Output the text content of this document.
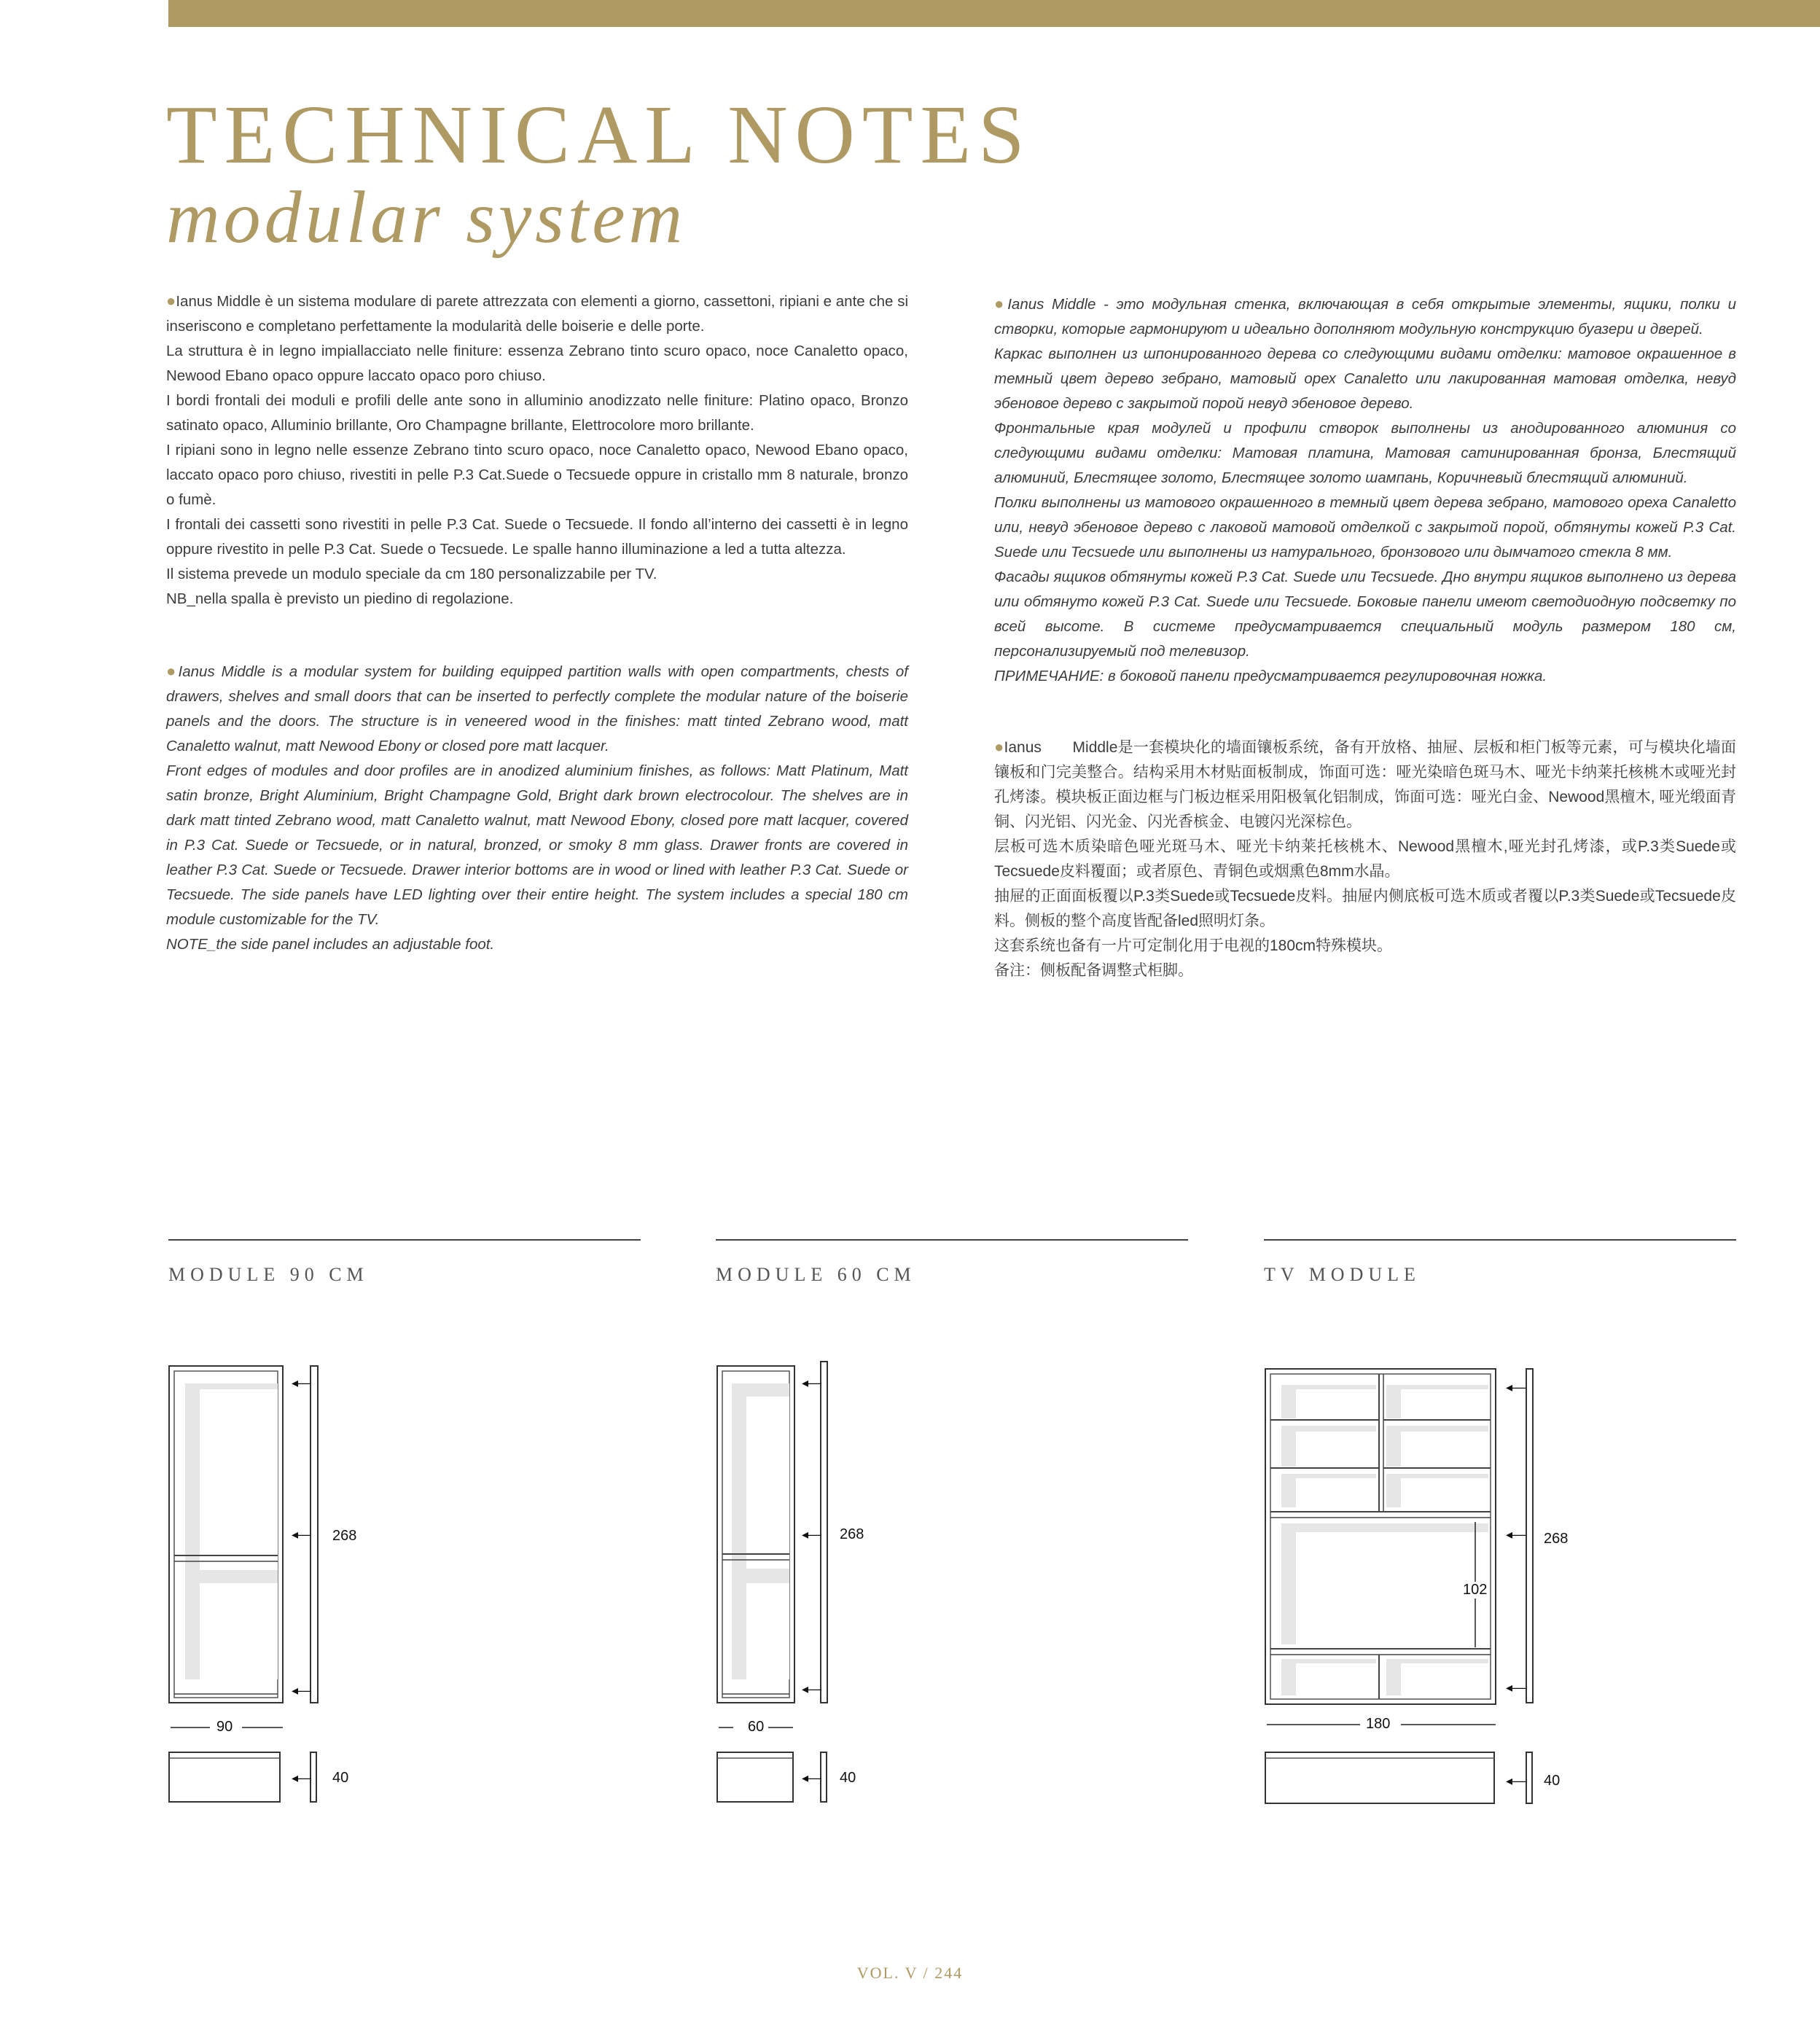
TECHNICAL NOTES
modular system

●Ianus Middle è un sistema modulare di parete attrezzata con elementi a giorno, cassettoni, ripiani e ante che si inseriscono e completano perfettamente la modularità delle boiserie e delle porte.

La struttura è in legno impiallacciato nelle finiture: essenza Zebrano tinto scuro opaco, noce Canaletto opaco, Newood Ebano opaco oppure laccato opaco poro chiuso.

I bordi frontali dei moduli e profili delle ante sono in alluminio anodizzato nelle finiture: Platino opaco, Bronzo satinato opaco, Alluminio brillante, Oro Champagne brillante, Elettrocolore moro brillante.

I ripiani sono in legno nelle essenze Zebrano tinto scuro opaco, noce Canaletto opaco, Newood Ebano opaco, laccato opaco poro chiuso, rivestiti in pelle P.3 Cat.Suede o Tecsuede oppure in cristallo mm 8 naturale, bronzo o fumè.

I frontali dei cassetti sono rivestiti in pelle P.3 Cat. Suede o Tecsuede. Il fondo all’interno dei cassetti è in legno oppure rivestito in pelle P.3 Cat. Suede o Tecsuede. Le spalle hanno illuminazione a led a tutta altezza.

Il sistema prevede un modulo speciale da cm 180 personalizzabile per TV.

NB_nella spalla è previsto un piedino di regolazione.

●Ianus Middle is a modular system for building equipped partition walls with open compartments, chests of drawers, shelves and small doors that can be inserted to perfectly complete the modular nature of the boiserie panels and the doors. The structure is in veneered wood in the finishes: matt tinted Zebrano wood, matt Canaletto walnut, matt Newood Ebony or closed pore matt lacquer.

Front edges of modules and door profiles are in anodized aluminium finishes, as follows: Matt Platinum, Matt satin bronze, Bright Aluminium, Bright Champagne Gold, Bright dark brown electrocolour. The shelves are in dark matt tinted Zebrano wood, matt Canaletto walnut, matt Newood Ebony, closed pore matt lacquer, covered in P.3 Cat. Suede or Tecsuede, or in natural, bronzed, or smoky 8 mm glass. Drawer fronts are covered in leather P.3 Cat. Suede or Tecsuede. Drawer interior bottoms are in wood or lined with leather P.3 Cat. Suede or Tecsuede. The side panels have LED lighting over their entire height. The system includes a special 180 cm module customizable for the TV.

NOTE_the side panel includes an adjustable foot.

●Ianus Middle - это модульная стенка, включающая в себя открытые элементы, ящики, полки и створки, которые гармонируют и идеально дополняют модульную конструкцию буазери и дверей.

Каркас выполнен из шпонированного дерева со следующими видами отделки: матовое окрашенное в темный цвет дерево зебрано, матовый орех Canaletto или лакированная матовая отделка, невуд эбеновое дерево с закрытой порой невуд эбеновое дерево.

Фронтальные края модулей и профили створок выполнены из анодированного алюминия со следующими видами отделки: Матовая платина, Матовая сатинированная бронза, Блестящий алюминий, Блестящее золото, Блестящее золото шампань, Коричневый блестящий алюминий.

Полки выполнены из матового окрашенного в темный цвет дерева зебрано, матового ореха Canaletto или, невуд эбеновое дерево с лаковой матовой отделкой с закрытой порой, обтянуты кожей P.3 Cat. Suede или Tecsuede или выполнены из натурального, бронзового или дымчатого стекла 8 мм.

Фасады ящиков обтянуты кожей P.3 Cat. Suede или Tecsuede. Дно внутри ящиков выполнено из дерева или обтянуто кожей P.3 Cat. Suede или Tecsuede. Боковые панели имеют светодиодную подсветку по всей высоте. В системе предусматривается специальный модуль размером 180 см, персонализируемый под телевизор.

ПРИМЕЧАНИЕ: в боковой панели предусматривается регулировочная ножка.

●Ianus　　Middle是一套模块化的墙面镶板系统，备有开放格、抽屉、层板和柜门板等元素，可与模块化墙面镶板和门完美整合。结构采用木材贴面板制成，饰面可选：哑光染暗色斑马木、哑光卡纳莱托核桃木或哑光封孔烤漆。模块板正面边框与门板边框采用阳极氧化铝制成，饰面可选：哑光白金、Newood黑檀木, 哑光缎面青铜、闪光铝、闪光金、闪光香槟金、电镀闪光深棕色。

层板可选木质染暗色哑光斑马木、哑光卡纳莱托核桃木、Newood黑檀木,哑光封孔烤漆，或P.3类Suede或Tecsuede皮料覆面；或者原色、青铜色或烟熏色8mm水晶。

抽屉的正面面板覆以P.3类Suede或Tecsuede皮料。抽屉内侧底板可选木质或者覆以P.3类Suede或Tecsuede皮料。侧板的整个高度皆配备led照明灯条。

这套系统也备有一片可定制化用于电视的180cm特殊模块。

备注：侧板配备调整式柜脚。

MODULE 90 CM	MODULE 60 CM	TV MODULE
◂—
◂—
◂—
268
90
◂— 40
◂—
◂—
◂—
268
60
◂— 40
102
◂—
◂—
◂—
268
180
◂— 40
VOL. V / 244
